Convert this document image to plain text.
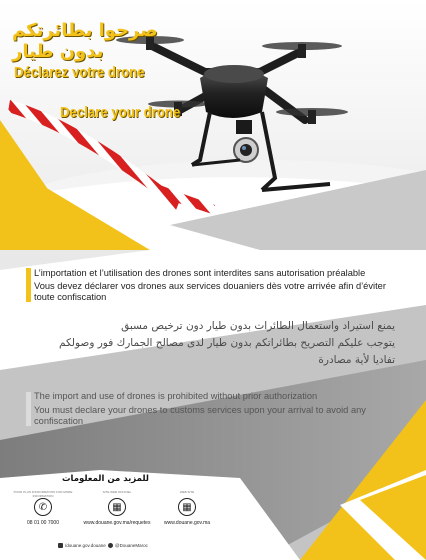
صرحوا بطائرتكم بدون طيار
Déclarez votre drone
Declare your drone
L’importation et l’utilisation des drones sont interdites sans autorisation préalable
Vous devez déclarer vos drones aux services douaniers dès votre arrivée afin d’éviter toute confiscation
يمنع استيراد واستعمال الطائرات بدون طيار دون ترخيص مسبق
يتوجب عليكم التصريح بطائراتكم بدون طيار لدى مصالح الجمارك فور وصولكم
تفاديا لأية مصادرة
The import and use of drones is prohibited without prior authorization
You must declare your drones to customs services upon your arrival to avoid any confiscation
للمزيد من المعلومات
POUR PLUS D'INFORMATION FOR MORE INFORMATION
✆
08 01 00 7000
SITE WEB OFFICIEL
▦
www.douane.gov.ma/requetes
WEB SITE
▦
www.douane.gov.ma
/douane.gov.douane	@DouaneMaroc
